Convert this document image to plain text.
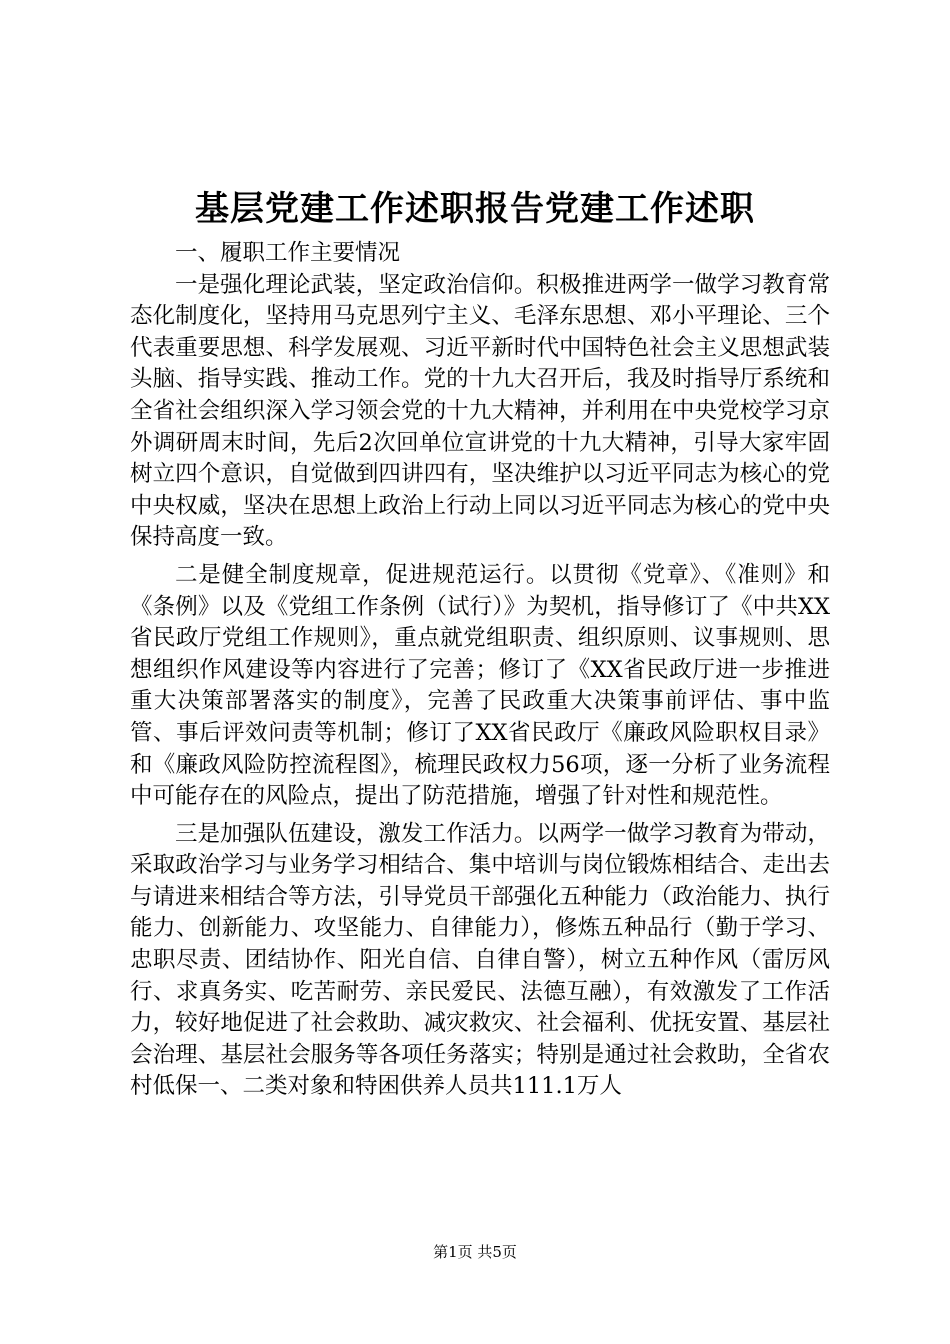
基层党建工作述职报告党建工作述职

一、履职工作主要情况

一是强化理论武装，坚定政治信仰。积极推进两学一做学习教育常态化制度化，坚持用马克思列宁主义、毛泽东思想、邓小平理论、三个代表重要思想、科学发展观、习近平新时代中国特色社会主义思想武装头脑、指导实践、推动工作。党的十九大召开后，我及时指导厅系统和全省社会组织深入学习领会党的十九大精神，并利用在中央党校学习京外调研周末时间，先后2次回单位宣讲党的十九大精神，引导大家牢固树立四个意识，自觉做到四讲四有，坚决维护以习近平同志为核心的党中央权威，坚决在思想上政治上行动上同以习近平同志为核心的党中央保持高度一致。

二是健全制度规章，促进规范运行。以贯彻《党章》、《准则》和《条例》以及《党组工作条例（试行）》为契机，指导修订了《中共XX省民政厅党组工作规则》，重点就党组职责、组织原则、议事规则、思想组织作风建设等内容进行了完善；修订了《XX省民政厅进一步推进重大决策部署落实的制度》，完善了民政重大决策事前评估、事中监管、事后评效问责等机制；修订了XX省民政厅《廉政风险职权目录》和《廉政风险防控流程图》，梳理民政权力56项，逐一分析了业务流程中可能存在的风险点，提出了防范措施，增强了针对性和规范性。

三是加强队伍建设，激发工作活力。以两学一做学习教育为带动，采取政治学习与业务学习相结合、集中培训与岗位锻炼相结合、走出去与请进来相结合等方法，引导党员干部强化五种能力（政治能力、执行能力、创新能力、攻坚能力、自律能力），修炼五种品行（勤于学习、忠职尽责、团结协作、阳光自信、自律自警），树立五种作风（雷厉风行、求真务实、吃苦耐劳、亲民爱民、法德互融），有效激发了工作活力，较好地促进了社会救助、减灾救灾、社会福利、优抚安置、基层社会治理、基层社会服务等各项任务落实；特别是通过社会救助，全省农村低保一、二类对象和特困供养人员共111.1万人

第1页 共5页
